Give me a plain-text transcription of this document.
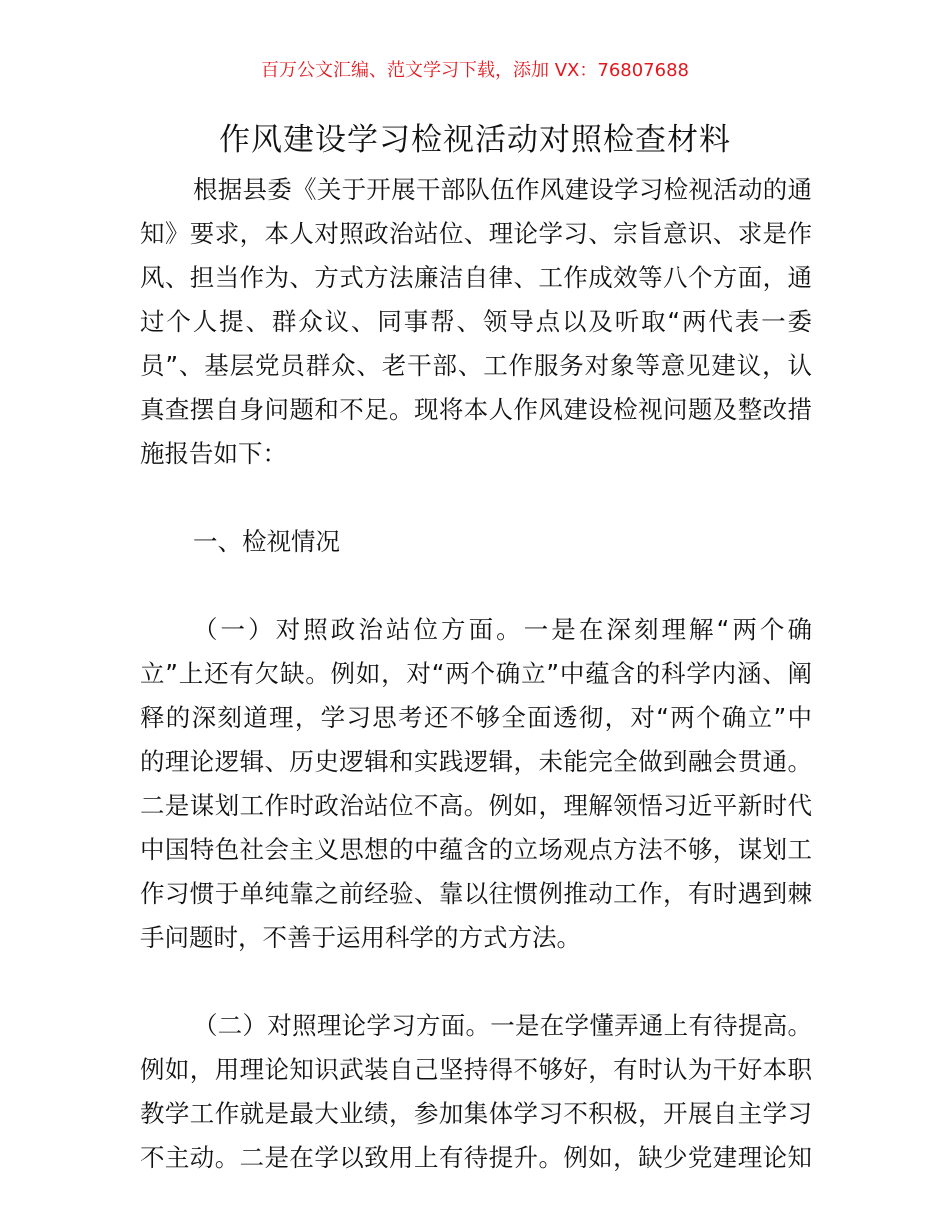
百万公文汇编、范文学习下载，添加 VX：76807688
作风建设学习检视活动对照检查材料
根据县委《关于开展干部队伍作风建设学习检视活动的通
知》要求，本人对照政治站位、理论学习、宗旨意识、求是作
风、担当作为、方式方法廉洁自律、工作成效等八个方面，通
过个人提、群众议、同事帮、领导点以及听取“两代表一委
员”、基层党员群众、老干部、工作服务对象等意见建议，认
真查摆自身问题和不足。现将本人作风建设检视问题及整改措
施报告如下：
一、检视情况
（一）对照政治站位方面。一是在深刻理解“两个确
立”上还有欠缺。例如，对“两个确立”中蕴含的科学内涵、阐
释的深刻道理，学习思考还不够全面透彻，对“两个确立”中
的理论逻辑、历史逻辑和实践逻辑，未能完全做到融会贯通。
二是谋划工作时政治站位不高。例如，理解领悟习近平新时代
中国特色社会主义思想的中蕴含的立场观点方法不够，谋划工
作习惯于单纯靠之前经验、靠以往惯例推动工作，有时遇到棘
手问题时，不善于运用科学的方式方法。
（二）对照理论学习方面。一是在学懂弄通上有待提高。
例如，用理论知识武装自己坚持得不够好，有时认为干好本职
教学工作就是最大业绩，参加集体学习不积极，开展自主学习
不主动。二是在学以致用上有待提升。例如，缺少党建理论知
